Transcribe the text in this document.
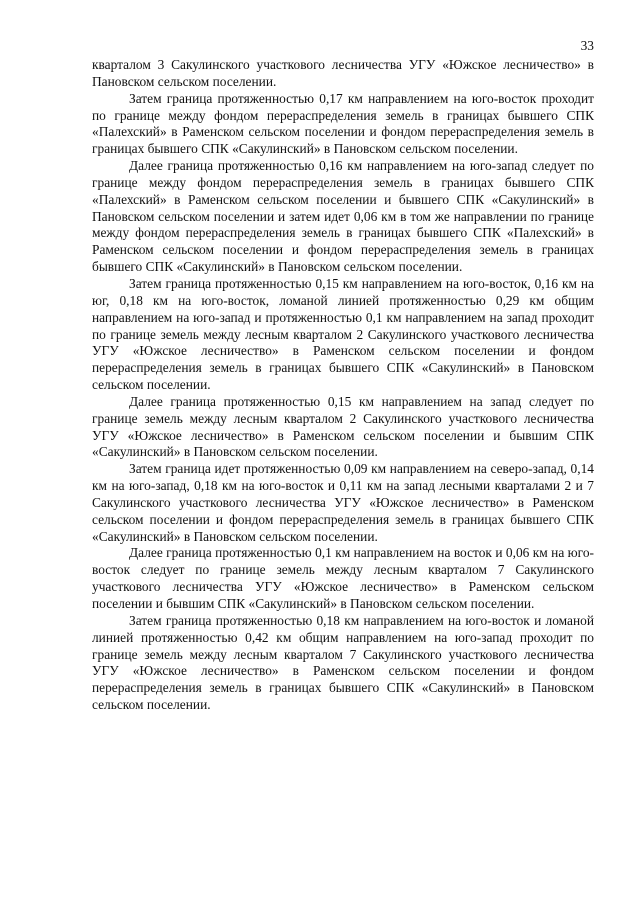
33

кварталом 3 Сакулинского участкового лесничества УГУ «Южское лесничество» в Пановском сельском поселении.

Затем граница протяженностью 0,17 км направлением на юго-восток проходит по границе между фондом перераспределения земель в границах бывшего СПК «Палехский» в Раменском сельском поселении и фондом перераспределения земель в границах бывшего СПК «Сакулинский» в Пановском сельском поселении.

Далее граница протяженностью 0,16 км направлением на юго-запад следует по границе между фондом перераспределения земель в границах бывшего СПК «Палехский» в Раменском сельском поселении и бывшего СПК «Сакулинский» в Пановском сельском поселении и затем идет 0,06 км в том же направлении по границе между фондом перераспределения земель в границах бывшего СПК «Палехский» в Раменском сельском поселении и фондом перераспределения земель в границах бывшего СПК «Сакулинский» в Пановском сельском поселении.

Затем граница протяженностью 0,15 км направлением на юго-восток, 0,16 км на юг, 0,18 км на юго-восток, ломаной линией протяженностью 0,29 км общим направлением на юго-запад и протяженностью 0,1 км направлением на запад проходит по границе земель между лесным кварталом 2 Сакулинского участкового лесничества УГУ «Южское лесничество» в Раменском сельском поселении и фондом перераспределения земель в границах бывшего СПК «Сакулинский» в Пановском сельском поселении.

Далее граница протяженностью 0,15 км направлением на запад следует по границе земель между лесным кварталом 2 Сакулинского участкового лесничества УГУ «Южское лесничество» в Раменском сельском поселении и бывшим СПК «Сакулинский» в Пановском сельском поселении.

Затем граница идет протяженностью 0,09 км направлением на северо-запад, 0,14 км на юго-запад, 0,18 км на юго-восток и 0,11 км на запад лесными кварталами 2 и 7 Сакулинского участкового лесничества УГУ «Южское лесничество» в Раменском сельском поселении и фондом перераспределения земель в границах бывшего СПК «Сакулинский» в Пановском сельском поселении.

Далее граница протяженностью 0,1 км направлением на восток и 0,06 км на юго-восток следует по границе земель между лесным кварталом 7 Сакулинского участкового лесничества УГУ «Южское лесничество» в Раменском сельском поселении и бывшим СПК «Сакулинский» в Пановском сельском поселении.

Затем граница протяженностью 0,18 км направлением на юго-восток и ломаной линией протяженностью 0,42 км общим направлением на юго-запад проходит по границе земель между лесным кварталом 7 Сакулинского участкового лесничества УГУ «Южское лесничество» в Раменском сельском поселении и фондом перераспределения земель в границах бывшего СПК «Сакулинский» в Пановском сельском поселении.
